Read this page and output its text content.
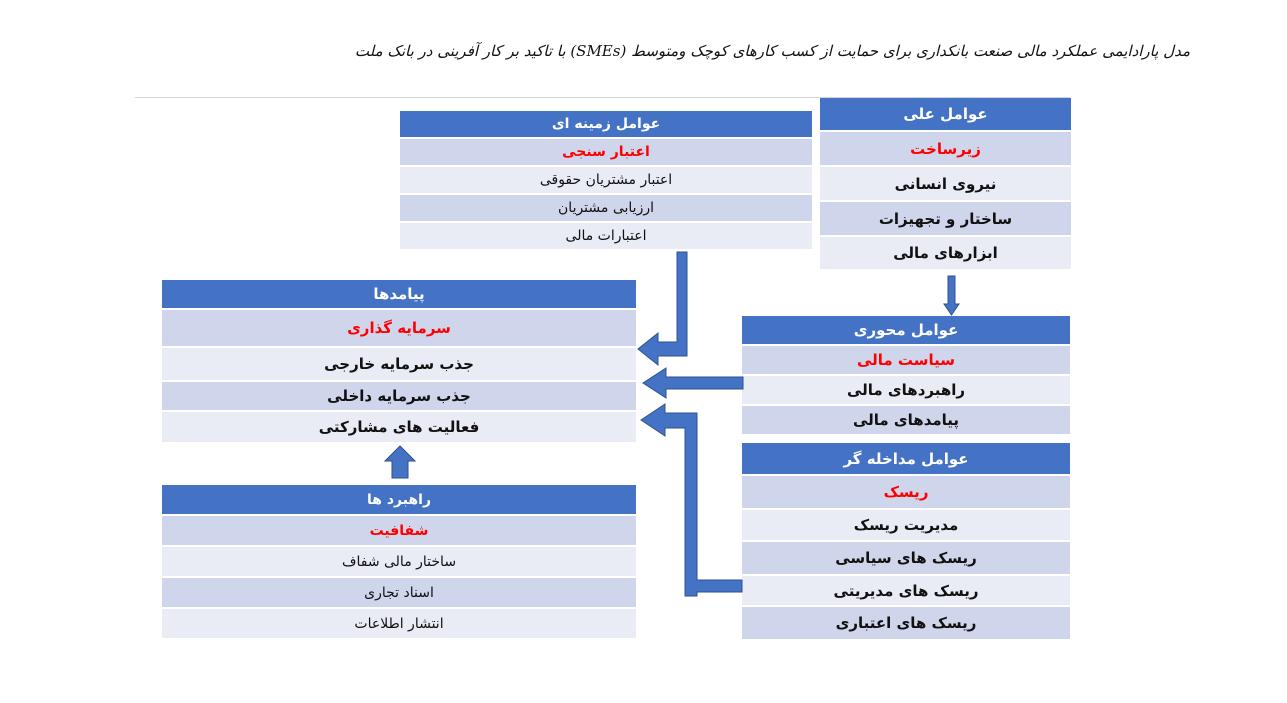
مدل پارادایمی عملکرد مالی صنعت بانکداری برای حمایت از کسب کارهای کوچک ومتوسط (SMEs) با تاکید بر کار آفرینی در بانک ملت
عوامل علی
زیرساخت
نیروی انسانی
ساختار و تجهیزات
ابزارهای مالی
عوامل زمینه ای
اعتبار سنجی
اعتبار مشتریان حقوقی
ارزیابی مشتریان
اعتبارات مالی
عوامل محوری
سیاست مالی
راهبردهای مالی
پیامدهای مالی
عوامل مداخله گر
ریسک
مدیریت ریسک
ریسک های سیاسی
ریسک های مدیریتی
ریسک های اعتباری
پیامدها
سرمایه گذاری
جذب سرمایه خارجی
جذب سرمایه داخلی
فعالیت های مشارکتی
راهبرد ها
شفافیت
ساختار مالی شفاف
اسناد تجاری
انتشار اطلاعات
